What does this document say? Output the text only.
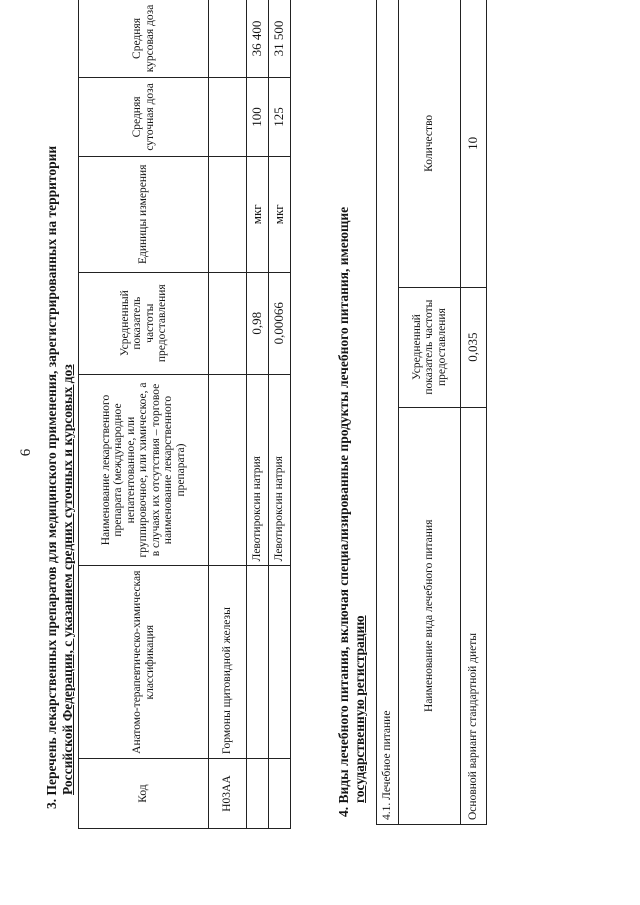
6 3. Перечень лекарственных препаратов для медицинского применения, зарегистрированных на территории Российской Федерации, с указанием средних суточных и курсовых доз	Код	Анатомо-терапевтическо-химическая классификация	Наименование лекарственного препарата (международное непатентованное, или группировочное, или химическое, а в случаях их отсутствия – торговое наименование лекарственного препарата)	Усредненный показатель частоты предоставления	Единицы измерения	Средняя суточная доза	Средняя курсовая доза
H03AA	Гормоны щитовидной железы					
		Левотироксин натрия	0,98	мкг	100	36 400
		Левотироксин натрия	0,00066	мкг	125	31 500
4. Виды лечебного питания, включая специализированные продукты лечебного питания, имеющие государственную регистрацию 4.1. Лечебное питание		
Наименование вида лечебного питания	Усредненный показатель частоты предоставления	Количество
Основной вариант стандартной диеты	0,035	10
